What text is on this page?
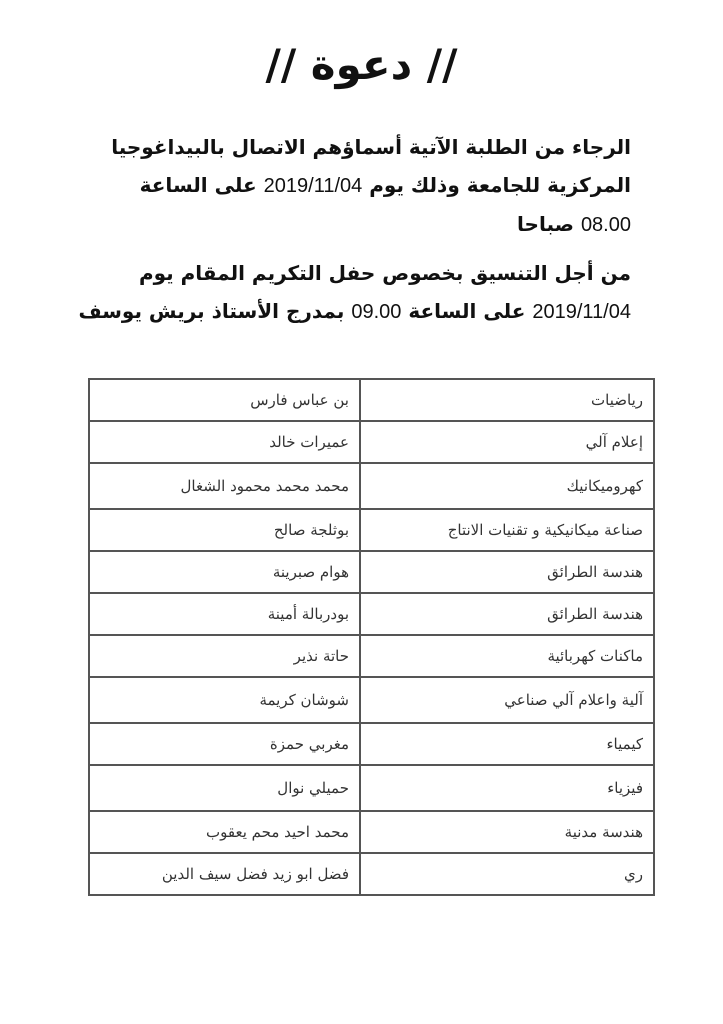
// دعوة //
الرجاء من الطلبة الآتية أسماؤهم الاتصال بالبيداغوجيا المركزية للجامعة وذلك يوم 2019/11/04 على الساعة
08.00 صباحا
من أجل التنسيق بخصوص حفل التكريم المقام يوم 2019/11/04 على الساعة 09.00 بمدرج الأستاذ بريش يوسف
رياضيات	بن عباس فارس
إعلام آلي	عميرات خالد
كهروميكانيك	محمد محمد محمود الشغال
صناعة ميكانيكية و تقنيات الانتاج	بوثلجة صالح
هندسة الطرائق	هوام صبرينة
هندسة الطرائق	بودربالة أمينة
ماكنات كهربائية	حاتة نذير
آلية واعلام آلي صناعي	شوشان كريمة
كيمياء	مغربي حمزة
فيزياء	حميلي نوال
هندسة مدنية	محمد احيد محم يعقوب
ري	فضل ابو زيد فضل سيف الدين
